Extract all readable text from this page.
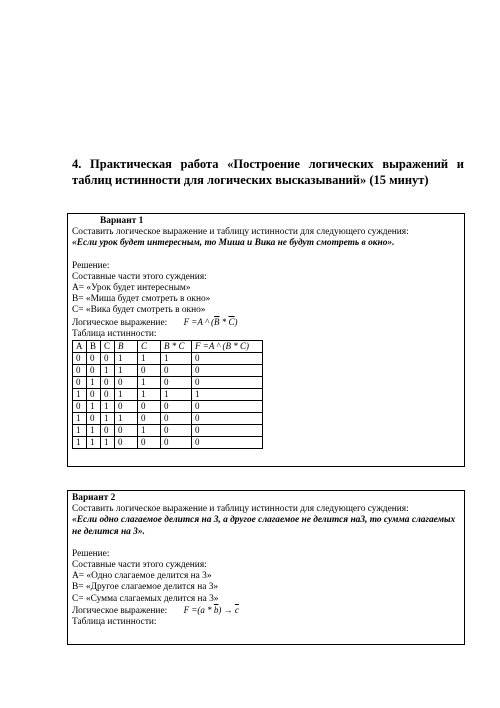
4. Практическая работа «Построение логических выражений и таблиц истинности для логических высказываний» (15 минут)
Вариант 1
Составить логическое выражение и таблицу истинности для следующего суждения:
«Если урок будет интересным, то Миша и Вика не будут смотреть в окно».
Решение:
Составные части этого суждения:
А= «Урок будет интересным»
В= «Миша будет смотреть в окно»
С= «Вика будет смотреть в окно»
Логическое выражение: F =A ^ $(\overline{B} * \overline{C})$
Таблица истинности:
A	B	C	$\overline{B}$	$\overline{C}$	$\overline{B} * \overline{C}$	F =A ^ $(\overline{B} * \overline{C})$
0	0	0	1	1	1	0
0	0	1	1	0	0	0
0	1	0	0	1	0	0
1	0	0	1	1	1	1
0	1	1	0	0	0	0
1	0	1	1	0	0	0
1	1	0	0	1	0	0
1	1	1	0	0	0	0
Вариант 2
Составить логическое выражение и таблицу истинности для следующего суждения:
«Если одно слагаемое делится на 3, а другое слагаемое не делится на3, то сумма слагаемых не делится на 3».
Решение:
Составные части этого суждения:
А= «Одно слагаемое делится на 3»
В= «Другое слагаемое делится на 3»
С= «Сумма слагаемых делится на 3»
Логическое выражение: $F =(a * \overline{b}) \to \overline{c}$
Таблица истинности:
